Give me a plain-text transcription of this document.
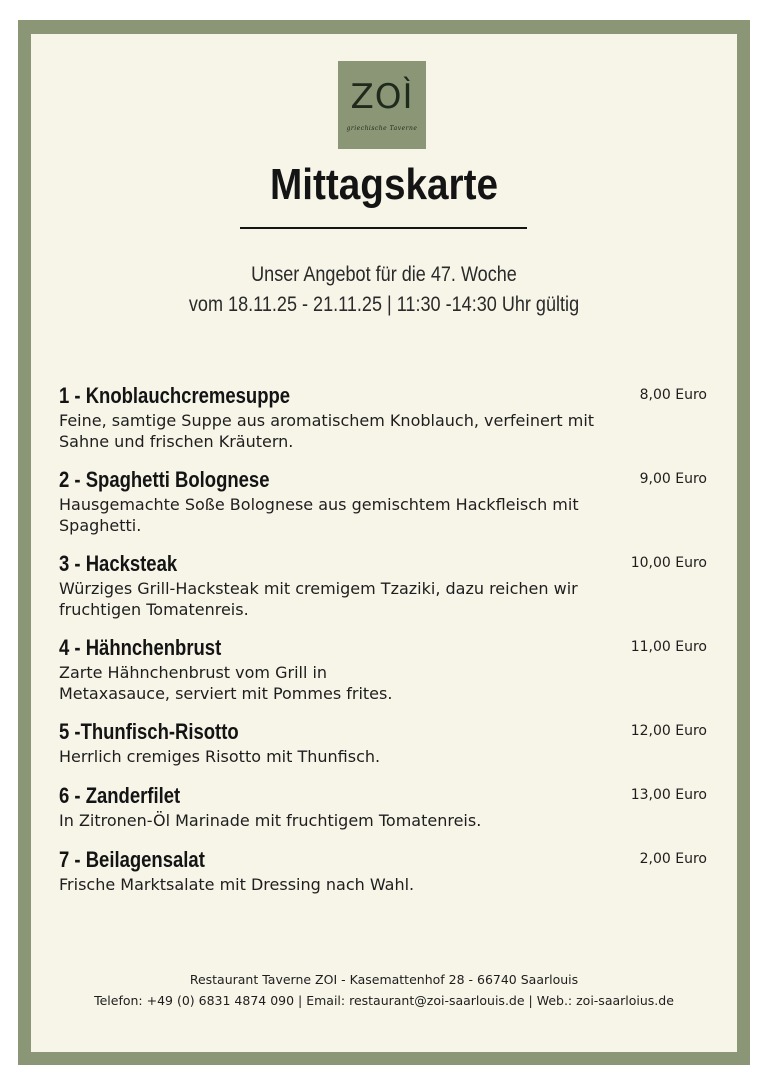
ZOÌ
griechische Taverne
Mittagskarte
Unser Angebot für die 47. Woche
vom 18.11.25 - 21.11.25 | 11:30 -14:30 Uhr gültig
1 - Knoblauchcremesuppe	8,00 Euro
Feine, samtige Suppe aus aromatischem Knoblauch, verfeinert mit Sahne und frischen Kräutern.
2 - Spaghetti Bolognese	9,00 Euro
Hausgemachte Soße Bolognese aus gemischtem Hackfleisch mit Spaghetti.
3 - Hacksteak	10,00 Euro
Würziges Grill-Hacksteak mit cremigem Tzaziki, dazu reichen wir fruchtigen Tomatenreis.
4 - Hähnchenbrust	11,00 Euro
Zarte Hähnchenbrust vom Grill in Metaxasauce, serviert mit Pommes frites.
5 -Thunfisch-Risotto	12,00 Euro
Herrlich cremiges Risotto mit Thunfisch.
6 - Zanderfilet	13,00 Euro
In Zitronen-Öl Marinade mit fruchtigem Tomatenreis.
7 - Beilagensalat	2,00 Euro
Frische Marktsalate mit Dressing nach Wahl.
Restaurant Taverne ZOI - Kasemattenhof 28 - 66740 Saarlouis
Telefon: +49 (0) 6831 4874 090 | Email: restaurant@zoi-saarlouis.de | Web.: zoi-saarloius.de
